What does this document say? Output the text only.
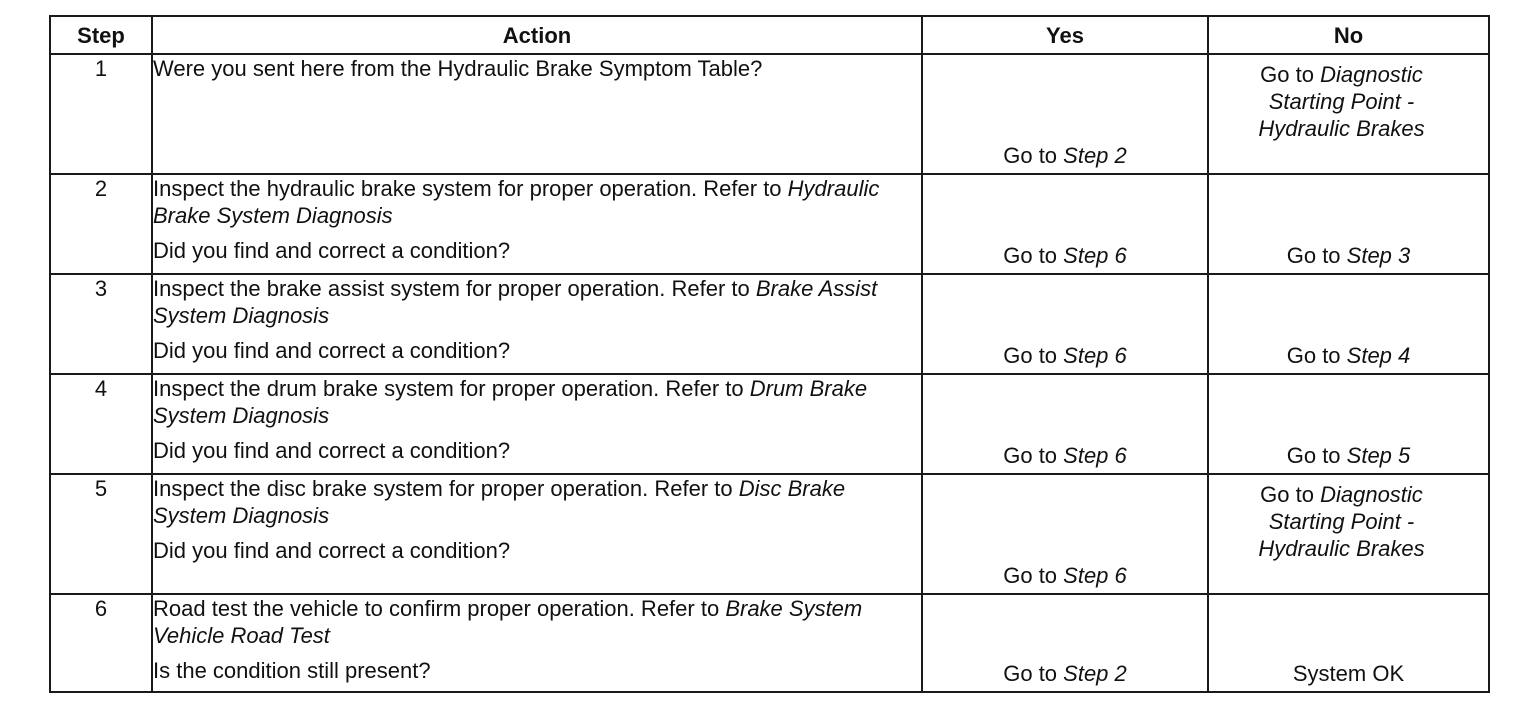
Step	Action	Yes	No
1	Were you sent here from the Hydraulic Brake Symptom Table?	Go to Step 2	Go to Diagnostic Starting Point - Hydraulic Brakes

2	Inspect the hydraulic brake system for proper operation. Refer to Hydraulic Brake System Diagnosis
Did you find and correct a condition?	Go to Step 6	Go to Step 3

3	Inspect the brake assist system for proper operation. Refer to Brake Assist System Diagnosis
Did you find and correct a condition?	Go to Step 6	Go to Step 4

4	Inspect the drum brake system for proper operation. Refer to Drum Brake System Diagnosis
Did you find and correct a condition?	Go to Step 6	Go to Step 5

5	Inspect the disc brake system for proper operation. Refer to Disc Brake System Diagnosis
Did you find and correct a condition?	Go to Step 6	Go to Diagnostic Starting Point - Hydraulic Brakes

6	Road test the vehicle to confirm proper operation. Refer to Brake System Vehicle Road Test
Is the condition still present?	Go to Step 2	System OK
